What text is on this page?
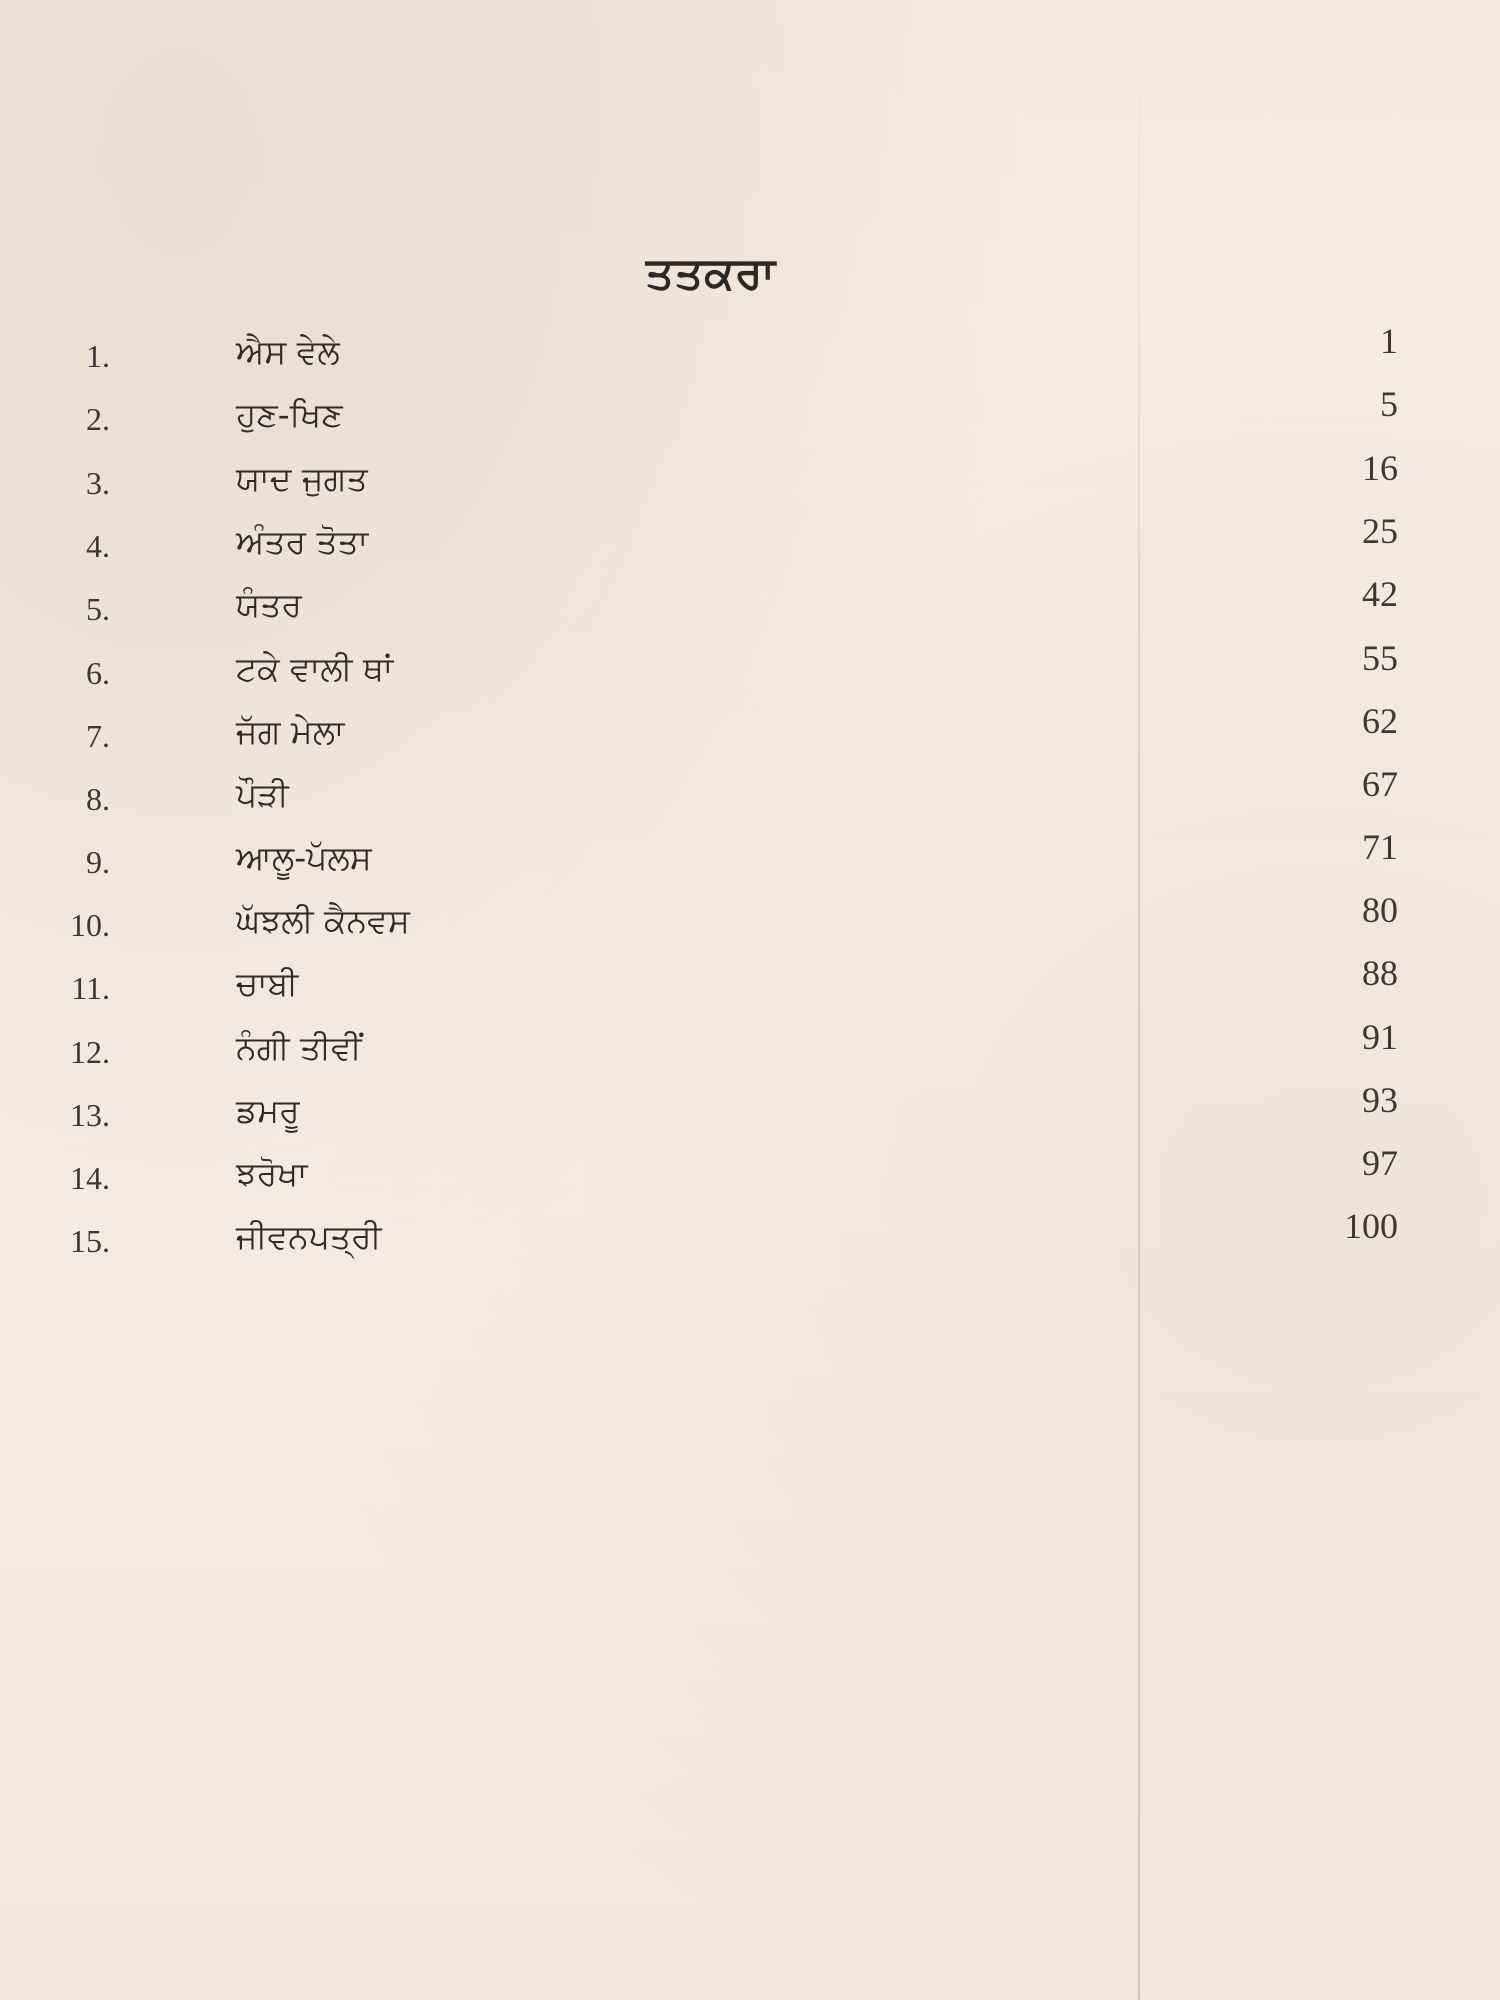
ਤਤਕਰਾ
1.	ਐਸ ਵੇਲੇ	1
2.	ਹੁਣ-ਖਿਣ	5
3.	ਯਾਦ ਜੁਗਤ	16
4.	ਅੰਤਰ ਤੋਤਾ	25
5.	ਯੰਤਰ	42
6.	ਟਕੇ ਵਾਲੀ ਥਾਂ	55
7.	ਜੱਗ ਮੇਲਾ	62
8.	ਪੌੜੀ	67
9.	ਆਲੂ-ਪੱਲਸ	71
10.	ਘੱਝਲੀ ਕੈਨਵਸ	80
11.	ਚਾਬੀ	88
12.	ਨੰਗੀ ਤੀਵੀਂ	91
13.	ਡਮਰੂ	93
14.	ਝਰੋਖਾ	97
15.	ਜੀਵਨਪਤ੍ਰੀ	100
